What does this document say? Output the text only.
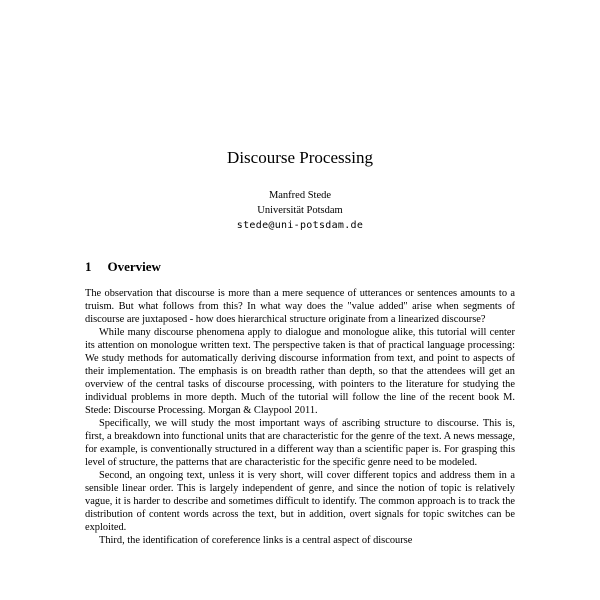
Discourse Processing
Manfred Stede
Universität Potsdam
stede@uni-potsdam.de
1 Overview

The observation that discourse is more than a mere sequence of utterances or sentences amounts to a truism. But what follows from this? In what way does the "value added" arise when segments of discourse are juxtaposed - how does hierarchical structure originate from a linearized discourse?

While many discourse phenomena apply to dialogue and monologue alike, this tutorial will center its attention on monologue written text. The perspective taken is that of practical language processing: We study methods for automatically deriving discourse information from text, and point to aspects of their implementation. The emphasis is on breadth rather than depth, so that the attendees will get an overview of the central tasks of discourse processing, with pointers to the literature for studying the individual problems in more depth. Much of the tutorial will follow the line of the recent book M. Stede: Discourse Processing. Morgan & Claypool 2011.

Specifically, we will study the most important ways of ascribing structure to discourse. This is, first, a breakdown into functional units that are characteristic for the genre of the text. A news message, for example, is conventionally structured in a different way than a scientific paper is. For grasping this level of structure, the patterns that are characteristic for the specific genre need to be modeled.

Second, an ongoing text, unless it is very short, will cover different topics and address them in a sensible linear order. This is largely independent of genre, and since the notion of topic is relatively vague, it is harder to describe and sometimes difficult to identify. The common approach is to track the distribution of content words across the text, but in addition, overt signals for topic switches can be exploited.

Third, the identification of coreference links is a central aspect of discourse
